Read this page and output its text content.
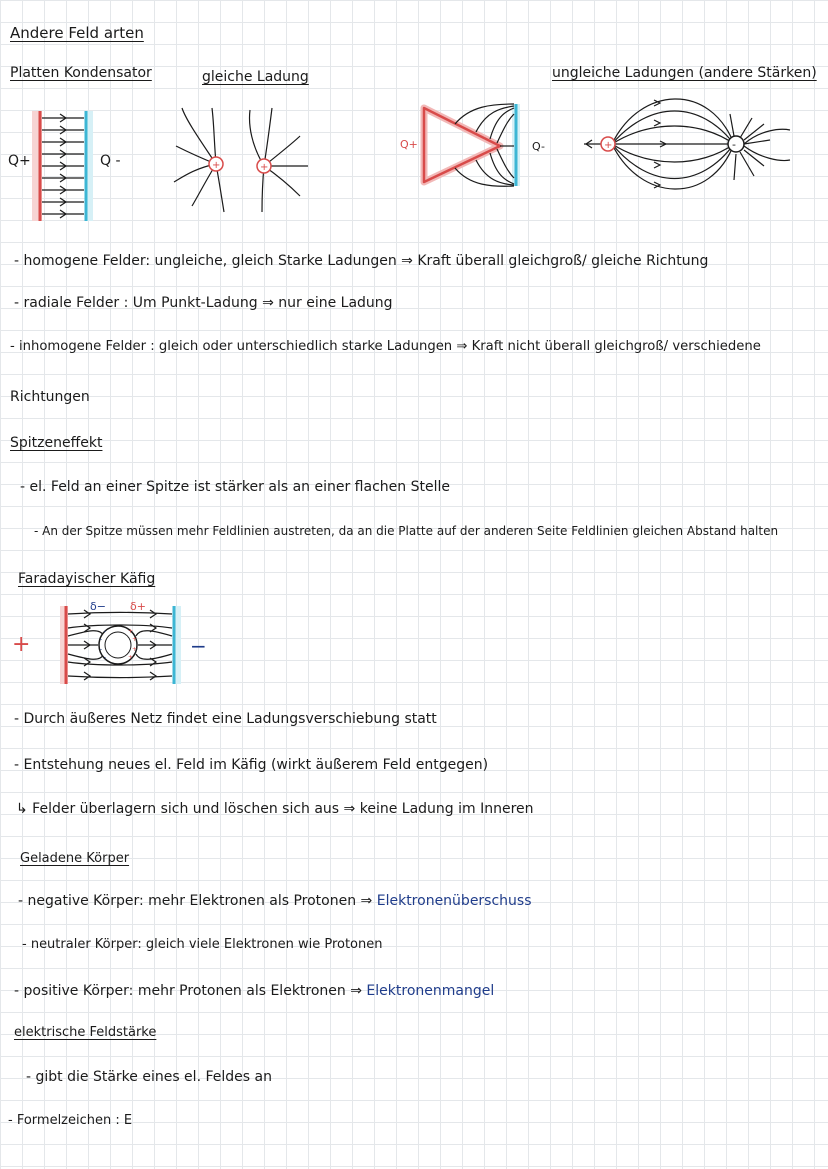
Andere Feld arten
Platten Kondensator	gleiche Ladung	ungleiche Ladungen (andere Stärken)
Q+	Q -	+	+
Q+	Q-	+	-
- homogene Felder: ungleiche, gleich Starke Ladungen ⇒ Kraft überall gleichgroß/ gleiche Richtung
- radiale Felder : Um Punkt-Ladung ⇒ nur eine Ladung
- inhomogene Felder : gleich oder unterschiedlich starke Ladungen ⇒ Kraft nicht überall gleichgroß/ verschiedene
Richtungen
Spitzeneffekt
- el. Feld an einer Spitze ist stärker als an einer flachen Stelle
- An der Spitze müssen mehr Feldlinien austreten, da an die Platte auf der anderen Seite Feldlinien gleichen Abstand halten
Faradayischer Käfig
-
-
-
-
+
+
+
+
δ− δ+
+	−
- Durch äußeres Netz findet eine Ladungsverschiebung statt
- Entstehung neues el. Feld im Käfig (wirkt äußerem Feld entgegen)
↳ Felder überlagern sich und löschen sich aus ⇒ keine Ladung im Inneren
Geladene Körper
- negative Körper: mehr Elektronen als Protonen ⇒ Elektronenüberschuss
- neutraler Körper: gleich viele Elektronen wie Protonen
- positive Körper: mehr Protonen als Elektronen ⇒ Elektronenmangel
elektrische Feldstärke
- gibt die Stärke eines el. Feldes an
- Formelzeichen : E
